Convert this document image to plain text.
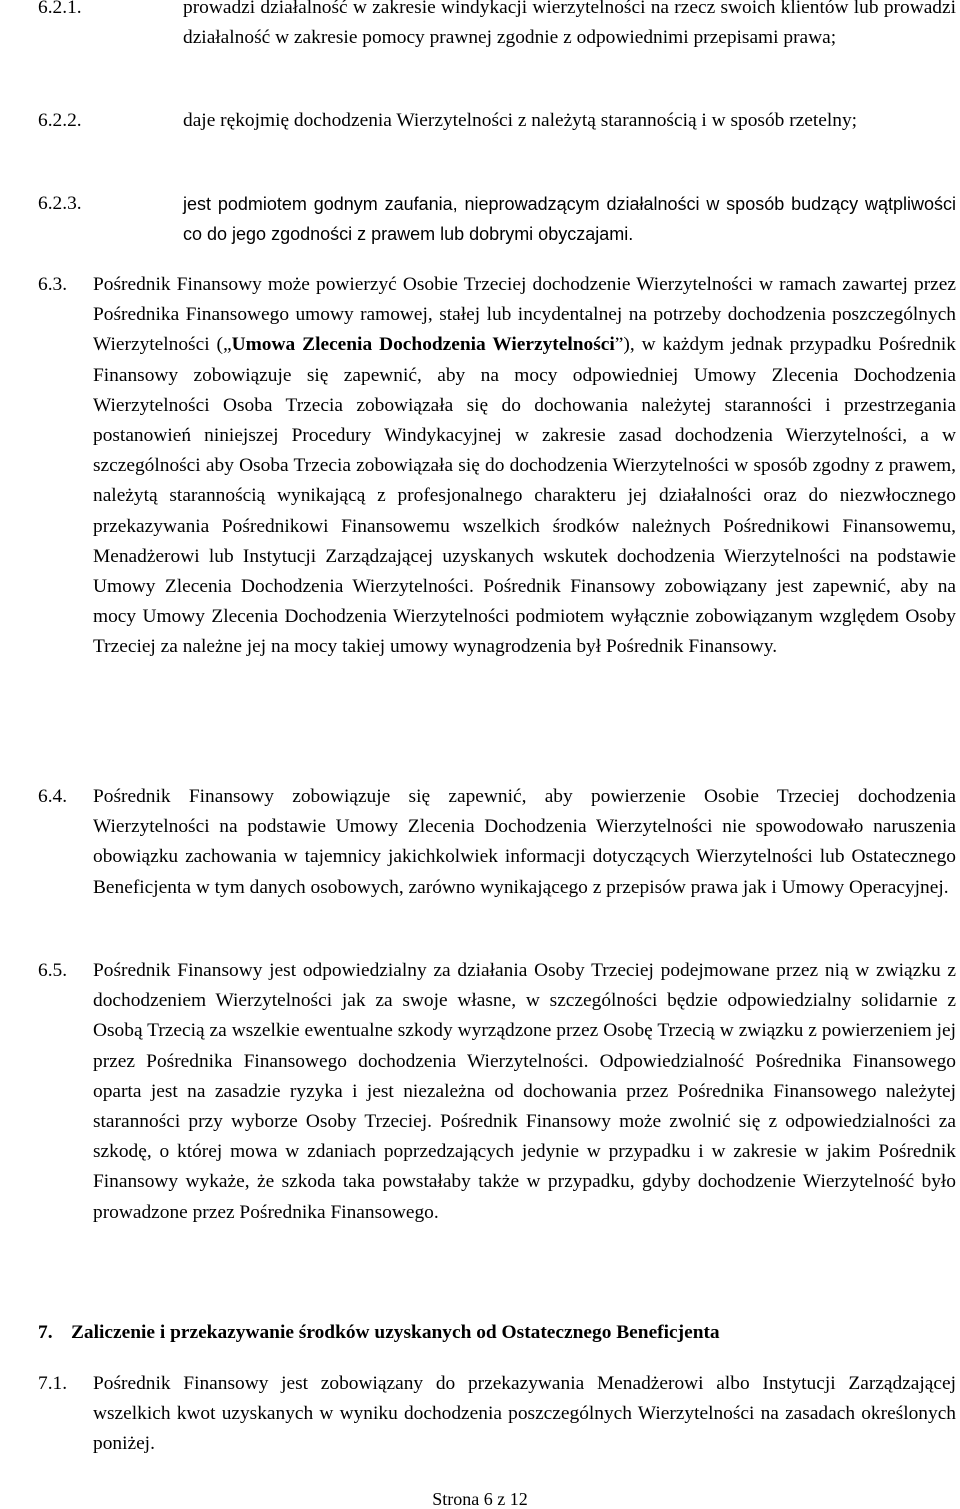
6.2.1.	prowadzi działalność w zakresie windykacji wierzytelności na rzecz swoich klientów lub prowadzi działalność w zakresie pomocy prawnej zgodnie z odpowiednimi przepisami prawa;
6.2.2.	daje rękojmię dochodzenia Wierzytelności z należytą starannością i w sposób rzetelny;
6.2.3.	jest podmiotem godnym zaufania, nieprowadzącym działalności w sposób budzący wątpliwości co do jego zgodności z prawem lub dobrymi obyczajami.
6.3. Pośrednik Finansowy może powierzyć Osobie Trzeciej dochodzenie Wierzytelności w ramach zawartej przez Pośrednika Finansowego umowy ramowej, stałej lub incydentalnej na potrzeby dochodzenia poszczególnych Wierzytelności („Umowa Zlecenia Dochodzenia Wierzytelności”), w każdym jednak przypadku Pośrednik Finansowy zobowiązuje się zapewnić, aby na mocy odpowiedniej Umowy Zlecenia Dochodzenia Wierzytelności Osoba Trzecia zobowiązała się do dochowania należytej staranności i przestrzegania postanowień niniejszej Procedury Windykacyjnej w zakresie zasad dochodzenia Wierzytelności, a w szczególności aby Osoba Trzecia zobowiązała się do dochodzenia Wierzytelności w sposób zgodny z prawem, należytą starannością wynikającą z profesjonalnego charakteru jej działalności oraz do niezwłocznego przekazywania Pośrednikowi Finansowemu wszelkich środków należnych Pośrednikowi Finansowemu, Menadżerowi lub Instytucji Zarządzającej uzyskanych wskutek dochodzenia Wierzytelności na podstawie Umowy Zlecenia Dochodzenia Wierzytelności. Pośrednik Finansowy zobowiązany jest zapewnić, aby na mocy Umowy Zlecenia Dochodzenia Wierzytelności podmiotem wyłącznie zobowiązanym względem Osoby Trzeciej za należne jej na mocy takiej umowy wynagrodzenia był Pośrednik Finansowy.
6.4. Pośrednik Finansowy zobowiązuje się zapewnić, aby powierzenie Osobie Trzeciej dochodzenia Wierzytelności na podstawie Umowy Zlecenia Dochodzenia Wierzytelności nie spowodowało naruszenia obowiązku zachowania w tajemnicy jakichkolwiek informacji dotyczących Wierzytelności lub Ostatecznego Beneficjenta w tym danych osobowych, zarówno wynikającego z przepisów prawa jak i Umowy Operacyjnej.
6.5. Pośrednik Finansowy jest odpowiedzialny za działania Osoby Trzeciej podejmowane przez nią w związku z dochodzeniem Wierzytelności jak za swoje własne, w szczególności będzie odpowiedzialny solidarnie z Osobą Trzecią za wszelkie ewentualne szkody wyrządzone przez Osobę Trzecią w związku z powierzeniem jej przez Pośrednika Finansowego dochodzenia Wierzytelności. Odpowiedzialność Pośrednika Finansowego oparta jest na zasadzie ryzyka i jest niezależna od dochowania przez Pośrednika Finansowego należytej staranności przy wyborze Osoby Trzeciej. Pośrednik Finansowy może zwolnić się z odpowiedzialności za szkodę, o której mowa w zdaniach poprzedzających jedynie w przypadku i w zakresie w jakim Pośrednik Finansowy wykaże, że szkoda taka powstałaby także w przypadku, gdyby dochodzenie Wierzytelność było prowadzone przez Pośrednika Finansowego.
7. Zaliczenie i przekazywanie środków uzyskanych od Ostatecznego Beneficjenta
7.1. Pośrednik Finansowy jest zobowiązany do przekazywania Menadżerowi albo Instytucji Zarządzającej wszelkich kwot uzyskanych w wyniku dochodzenia poszczególnych Wierzytelności na zasadach określonych poniżej.
Strona 6 z 12
